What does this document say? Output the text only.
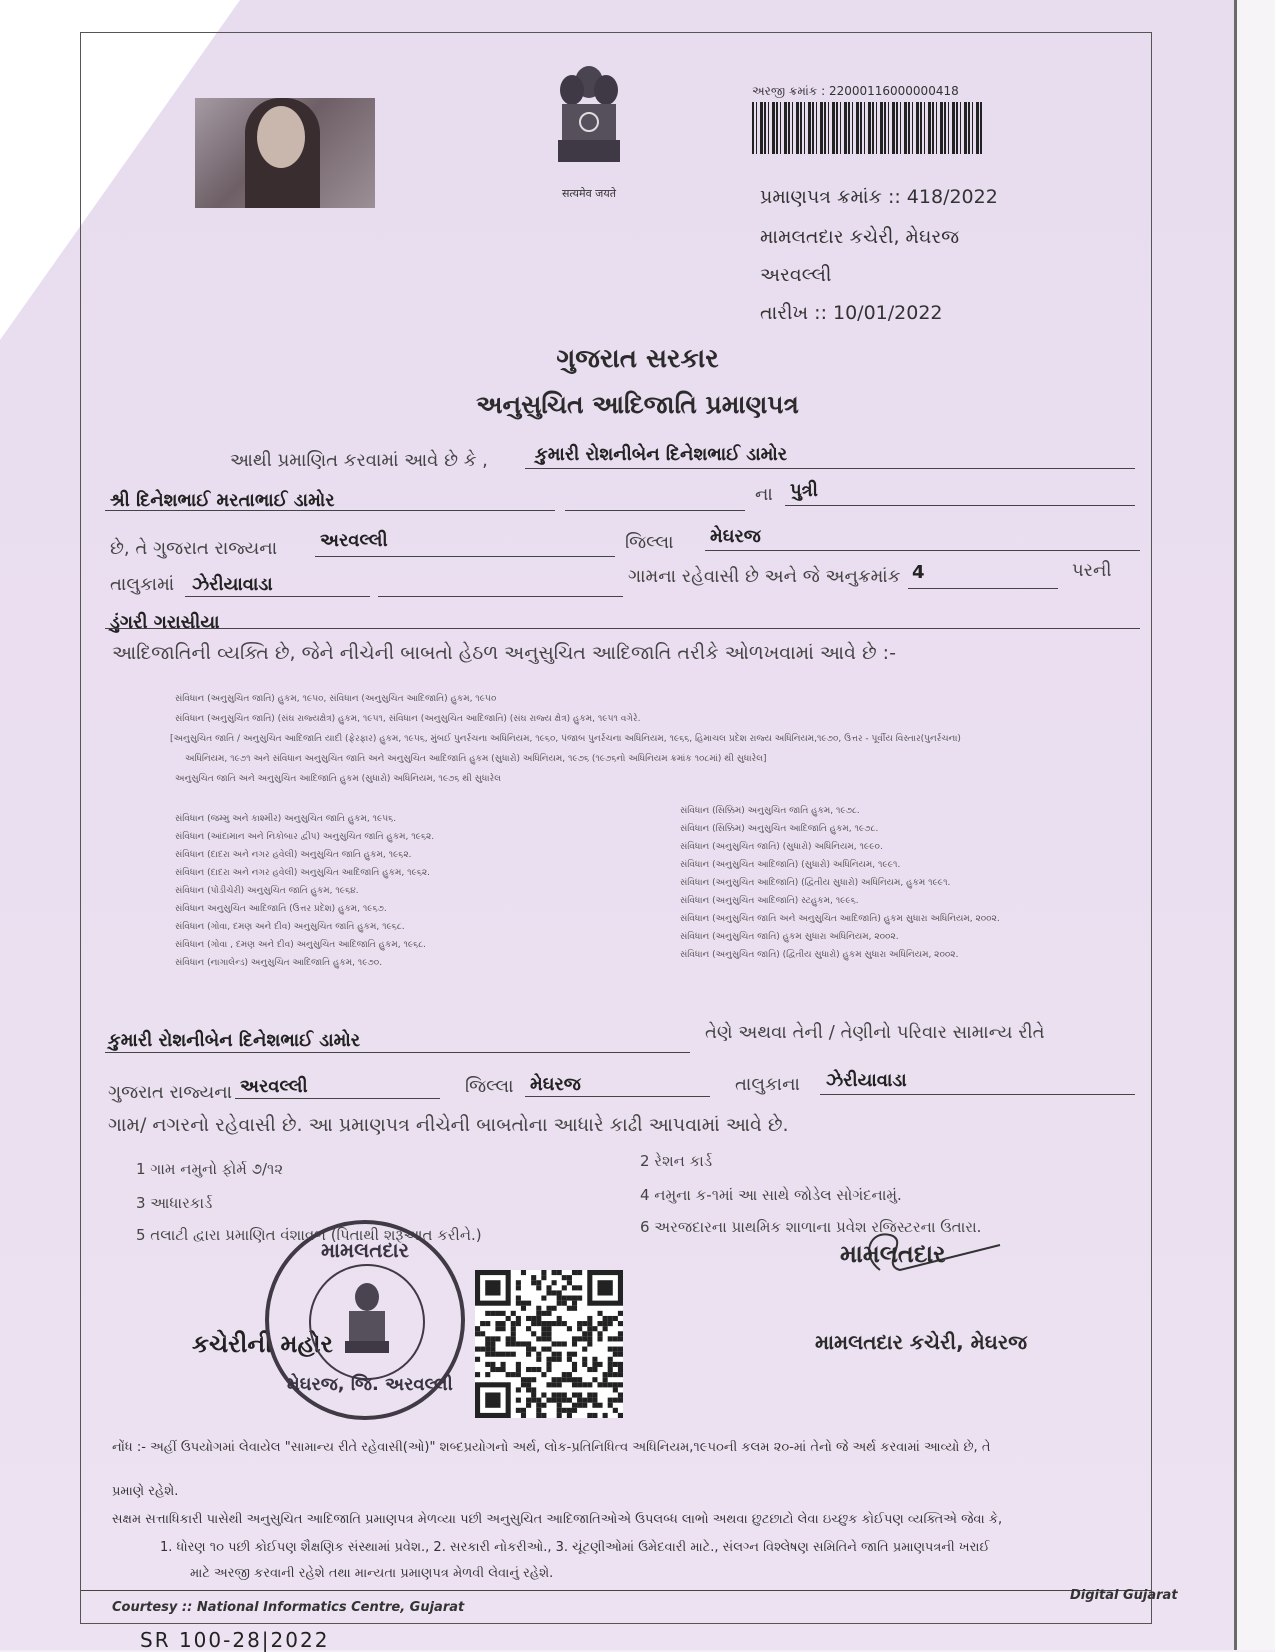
सत्यमेव जयते
અરજી ક્રમાંક : 22000116000000418
પ્રમાણપત્ર ક્રમાંક :: 418/2022
મામલતદાર કચેરી, મેઘરજ
અરવલ્લી
તારીખ :: 10/01/2022
ગુજરાત સરકાર
અનુસુચિત આદિજાતિ પ્રમાણપત્ર
આથી પ્રમાણિત કરવામાં આવે છે કે ,	કુમારી રોશનીબેન દિનેશભાઈ ડામોર
શ્રી દિનેશભાઈ મરતાભાઈ ડામોર	ના પુત્રી
છે, તે ગુજરાત રાજ્યના અરવલ્લી	જિલ્લા મેઘરજ
તાલુકામાં ઝેરીયાવાડા	ગામના રહેવાસી છે અને જે અનુક્રમાંક 4	પરની
ડુંગરી ગરાસીયા
આદિજાતિની વ્યક્તિ છે, જેને નીચેની બાબતો હેઠળ અનુસુચિત આદિજાતિ તરીકે ઓળખવામાં આવે છે :-
સંવિધાન (અનુસુચિત જાતિ) હુકમ, ૧૯૫૦, સંવિધાન (અનુસુચિત આદિજાતિ) હુકમ, ૧૯૫૦
સંવિધાન (અનુસુચિત જાતિ) (સંઘ રાજ્યક્ષેત્ર) હુકમ, ૧૯૫૧, સંવિધાન (અનુસુચિત આદિજાતિ) (સંઘ રાજ્ય ક્ષેત્ર) હુકમ, ૧૯૫૧ વગેરે.
[અનુસુચિત જાતિ / અનુસુચિત આદિજાતિ યાદી (ફેરફાર) હુકમ, ૧૯૫૬, મુંબઈ પુનર્રચના અધિનિયમ, ૧૯૬૦, પંજાબ પુનર્રચના અધિનિયમ, ૧૯૬૬, હિમાચલ પ્રદેશ રાજ્ય અધિનિયમ,૧૯૭૦, ઉત્તર - પૂર્વીય વિસ્તાર(પુનર્રચના)
અધિનિયમ, ૧૯૭૧ અને સંવિધાન અનુસુચિત જાતિ અને અનુસુચિત આદિજાતિ હુકમ (સુધારો) અધિનિયમ, ૧૯૭૬ (૧૯૭૬નો અધિનિયમ ક્રમાંક ૧૦૮માં) થી સુધારેલ]
અનુસુચિત જાતિ અને અનુસુચિત આદિજાતિ હુકમ (સુધારો) અધિનિયમ, ૧૯૭૬ થી સુધારેલ
સંવિધાન (જમ્મુ અને કાશ્મીર) અનુસુચિત જાતિ હુકમ, ૧૯૫૬.
સંવિધાન (આંદામાન અને નિકોબાર દ્વીપ) અનુસુચિત જાતિ હુકમ, ૧૯૬૨.
સંવિધાન (દાદરા અને નગર હવેલી) અનુસુચિત જાતિ હુકમ, ૧૯૬૨.
સંવિધાન (દાદરા અને નગર હવેલી) અનુસુચિત આદિજાતિ હુકમ, ૧૯૬૨.
સંવિધાન (પોંડીચેરી) અનુસુચિત જાતિ હુકમ, ૧૯૬૪.
સંવિધાન અનુસુચિત આદિજાતિ (ઉત્તર પ્રદેશ) હુકમ, ૧૯૬૭.
સંવિધાન (ગોવા, દમણ અને દીવ) અનુસુચિત જાતિ હુકમ, ૧૯૬૮.
સંવિધાન (ગોવા , દમણ અને દીવ) અનુસુચિત આદિજાતિ હુકમ, ૧૯૬૮.
સંવિધાન (નાગાલેન્ડ) અનુસુચિત આદિજાતિ હુકમ, ૧૯૭૦.
સંવિધાન (સિક્કિમ) અનુસુચિત જાતિ હુકમ, ૧૯૭૮.
સંવિધાન (સિક્કિમ) અનુસુચિત આદિજાતિ હુકમ, ૧૯૭૮.
સંવિધાન (અનુસુચિત જાતિ) (સુધારો) અધિનિયમ, ૧૯૯૦.
સંવિધાન (અનુસુચિત આદિજાતિ) (સુધારો) અધિનિયમ, ૧૯૯૧.
સંવિધાન (અનુસુચિત આદિજાતિ) (દ્વિતીય સુધારો) અધિનિયમ, હુકમ ૧૯૯૧.
સંવિધાન (અનુસુચિત આદિજાતિ) સ્ટહુકમ, ૧૯૯૬.
સંવિધાન (અનુસુચિત જાતિ અને અનુસુચિત આદિજાતિ) હુકમ સુધારા અધિનિયમ, ૨૦૦૨.
સંવિધાન (અનુસુચિત જાતિ) હુકમ સુધારા અધિનિયમ, ૨૦૦૨.
સંવિધાન (અનુસુચિત જાતિ) (દ્વિતીય સુધારો) હુકમ સુધારા અધિનિયમ, ૨૦૦૨.
કુમારી રોશનીબેન દિનેશભાઈ ડામોર	તેણે અથવા તેની / તેણીનો પરિવાર સામાન્ય રીતે
ગુજરાત રાજ્યના અરવલ્લી	જિલ્લા મેઘરજ	તાલુકાના ઝેરીયાવાડા
ગામ/ નગરનો રહેવાસી છે. આ પ્રમાણપત્ર નીચેની બાબતોના આધારે કાઢી આપવામાં આવે છે.
1 ગામ નમુનો ફોર્મ ૭/૧૨	2 રેશન કાર્ડ
3 આધારકાર્ડ	4 નમુના ક-૧માં આ સાથે જોડેલ સોગંદનામું.
5 તલાટી દ્વારા પ્રમાણિત વંશાવળ (પિતાથી શરૂઆત કરીને.)	6 અરજદારના પ્રાથમિક શાળાના પ્રવેશ રજિસ્ટરના ઉતારા.
કચેરીની મહોર
મામલતદાર
મેઘરજ, જિ. અરવલ્લી
મામલતદાર
મામલતદાર કચેરી, મેઘરજ
નોંધ :- અહીં ઉપયોગમાં લેવાયેલ "સામાન્ય રીતે રહેવાસી(ઓ)" શબ્દપ્રયોગનો અર્થ, લોક-પ્રતિનિધિત્વ અધિનિયમ,૧૯૫૦ની કલમ ૨૦-માં તેનો જે અર્થ કરવામાં આવ્યો છે, તે
પ્રમાણે રહેશે.
સક્ષમ સત્તાધિકારી પાસેથી અનુસુચિત આદિજાતિ પ્રમાણપત્ર મેળવ્યા પછી અનુસુચિત આદિજાતિઓએ ઉપલબ્ધ લાભો અથવા છુટછાટો લેવા ઇચ્છુક કોઈપણ વ્યક્તિએ જેવા કે,
1. ધોરણ ૧૦ પછી કોઈપણ શૈક્ષણિક સંસ્થામાં પ્રવેશ., 2. સરકારી નોકરીઓ., 3. ચૂંટણીઓમાં ઉમેદવારી માટે., સંલગ્ન વિશ્લેષણ સમિતિને જાતિ પ્રમાણપત્રની ખરાઈ
માટે અરજી કરવાની રહેશે તથા માન્યતા પ્રમાણપત્ર મેળવી લેવાનું રહેશે.
Courtesy :: National Informatics Centre, Gujarat
Digital Gujarat
SR 100-28|2022
